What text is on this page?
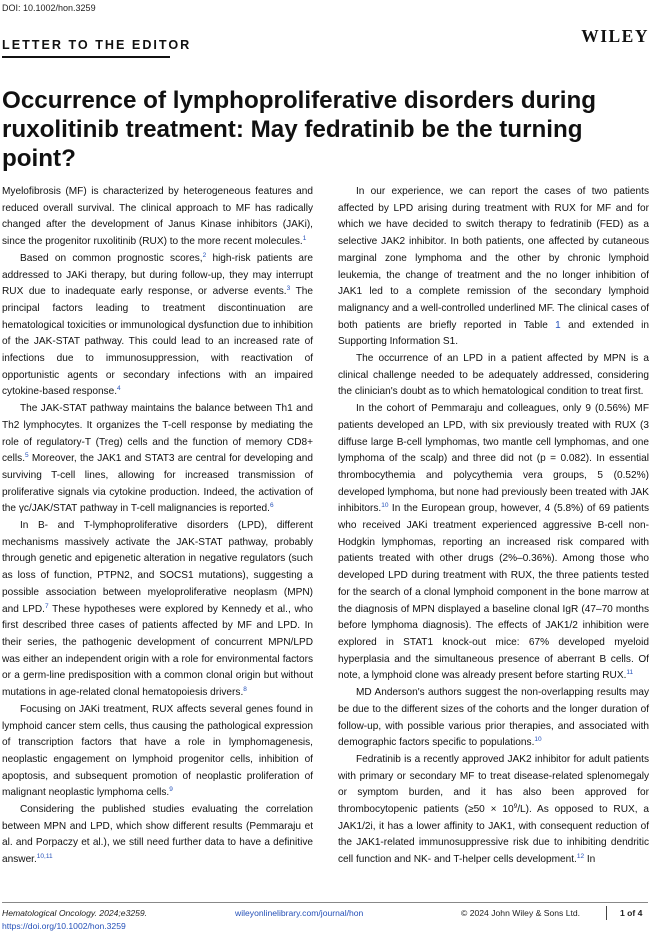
DOI: 10.1002/hon.3259
LETTER TO THE EDITOR	WILEY
Occurrence of lymphoproliferative disorders during ruxolitinib treatment: May fedratinib be the turning point?

Myelofibrosis (MF) is characterized by heterogeneous features and reduced overall survival. The clinical approach to MF has radically changed after the development of Janus Kinase inhibitors (JAKi), since the progenitor ruxolitinib (RUX) to the more recent molecules.$^1$

Based on common prognostic scores,$^2$ high-risk patients are addressed to JAKi therapy, but during follow-up, they may interrupt RUX due to inadequate early response, or adverse events.$^3$ The principal factors leading to treatment discontinuation are hematological toxicities or immunological dysfunction due to inhibition of the JAK-STAT pathway. This could lead to an increased rate of infections due to immunosuppression, with reactivation of opportunistic agents or secondary infections with an impaired cytokine-based response.$^4$

The JAK-STAT pathway maintains the balance between Th1 and Th2 lymphocytes. It organizes the T-cell response by mediating the role of regulatory-T (Treg) cells and the function of memory CD8+ cells.$^5$ Moreover, the JAK1 and STAT3 are central for developing and surviving T-cell lines, allowing for increased transmission of proliferative signals via cytokine production. Indeed, the activation of the γc/JAK/STAT pathway in T-cell malignancies is reported.$^6$

In B- and T-lymphoproliferative disorders (LPD), different mechanisms massively activate the JAK-STAT pathway, probably through genetic and epigenetic alteration in negative regulators (such as loss of function, PTPN2, and SOCS1 mutations), suggesting a possible association between myeloproliferative neoplasm (MPN) and LPD.$^7$ These hypotheses were explored by Kennedy et al., who first described three cases of patients affected by MF and LPD. In their series, the pathogenic development of concurrent MPN/LPD was either an independent origin with a role for environmental factors or a germ-line predisposition with a common clonal origin but without mutations in age-related clonal hematopoiesis drivers.$^8$

Focusing on JAKi treatment, RUX affects several genes found in lymphoid cancer stem cells, thus causing the pathological expression of transcription factors that have a role in lymphomagenesis, neoplastic engagement on lymphoid progenitor cells, inhibition of apoptosis, and subsequent promotion of neoplastic proliferation of malignant neoplastic lymphoma cells.$^9$

Considering the published studies evaluating the correlation between MPN and LPD, which show different results (Pemmaraju et al. and Porpaczy et al.), we still need further data to have a definitive answer.$^{10,11}$

In our experience, we can report the cases of two patients affected by LPD arising during treatment with RUX for MF and for which we have decided to switch therapy to fedratinib (FED) as a selective JAK2 inhibitor. In both patients, one affected by cutaneous marginal zone lymphoma and the other by chronic lymphoid leukemia, the change of treatment and the no longer inhibition of JAK1 led to a complete remission of the secondary lymphoid malignancy and a well-controlled underlined MF. The clinical cases of both patients are briefly reported in Table 1 and extended in Supporting Information S1.

The occurrence of an LPD in a patient affected by MPN is a clinical challenge needed to be adequately addressed, considering the clinician's doubt as to which hematological condition to treat first.

In the cohort of Pemmaraju and colleagues, only 9 (0.56%) MF patients developed an LPD, with six previously treated with RUX (3 diffuse large B-cell lymphomas, two mantle cell lymphomas, and one lymphoma of the scalp) and three did not (p = 0.082). In essential thrombocythemia and polycythemia vera groups, 5 (0.52%) developed lymphoma, but none had previously been treated with JAK inhibitors.$^{10}$ In the European group, however, 4 (5.8%) of 69 patients who received JAKi treatment experienced aggressive B-cell non-Hodgkin lymphomas, reporting an increased risk compared with patients treated with other drugs (2%–0.36%). Among those who developed LPD during treatment with RUX, the three patients tested for the search of a clonal lymphoid component in the bone marrow at the diagnosis of MPN displayed a baseline clonal IgR (47–70 months before lymphoma diagnosis). The effects of JAK1/2 inhibition were explored in STAT1 knock-out mice: 67% developed myeloid hyperplasia and the simultaneous presence of aberrant B cells. Of note, a lymphoid clone was already present before starting RUX.$^{11}$

MD Anderson's authors suggest the non-overlapping results may be due to the different sizes of the cohorts and the longer duration of follow-up, with possible various prior therapies, and associated with demographic factors specific to populations.$^{10}$

Fedratinib is a recently approved JAK2 inhibitor for adult patients with primary or secondary MF to treat disease-related splenomegaly or symptom burden, and it has also been approved for thrombocytopenic patients $(\ge 50 \times 10^9/L)$. As opposed to RUX, a JAK1/2i, it has a lower affinity to JAK1, with consequent reduction of the JAK1-related immunosuppressive risk due to inhibiting dendritic cell function and NK- and T-helper cells development.$^{12}$ In

Hematological Oncology. 2024;e3259.
https://doi.org/10.1002/hon.3259
wileyonlinelibrary.com/journal/hon	© 2024 John Wiley & Sons Ltd.	1 of 4
